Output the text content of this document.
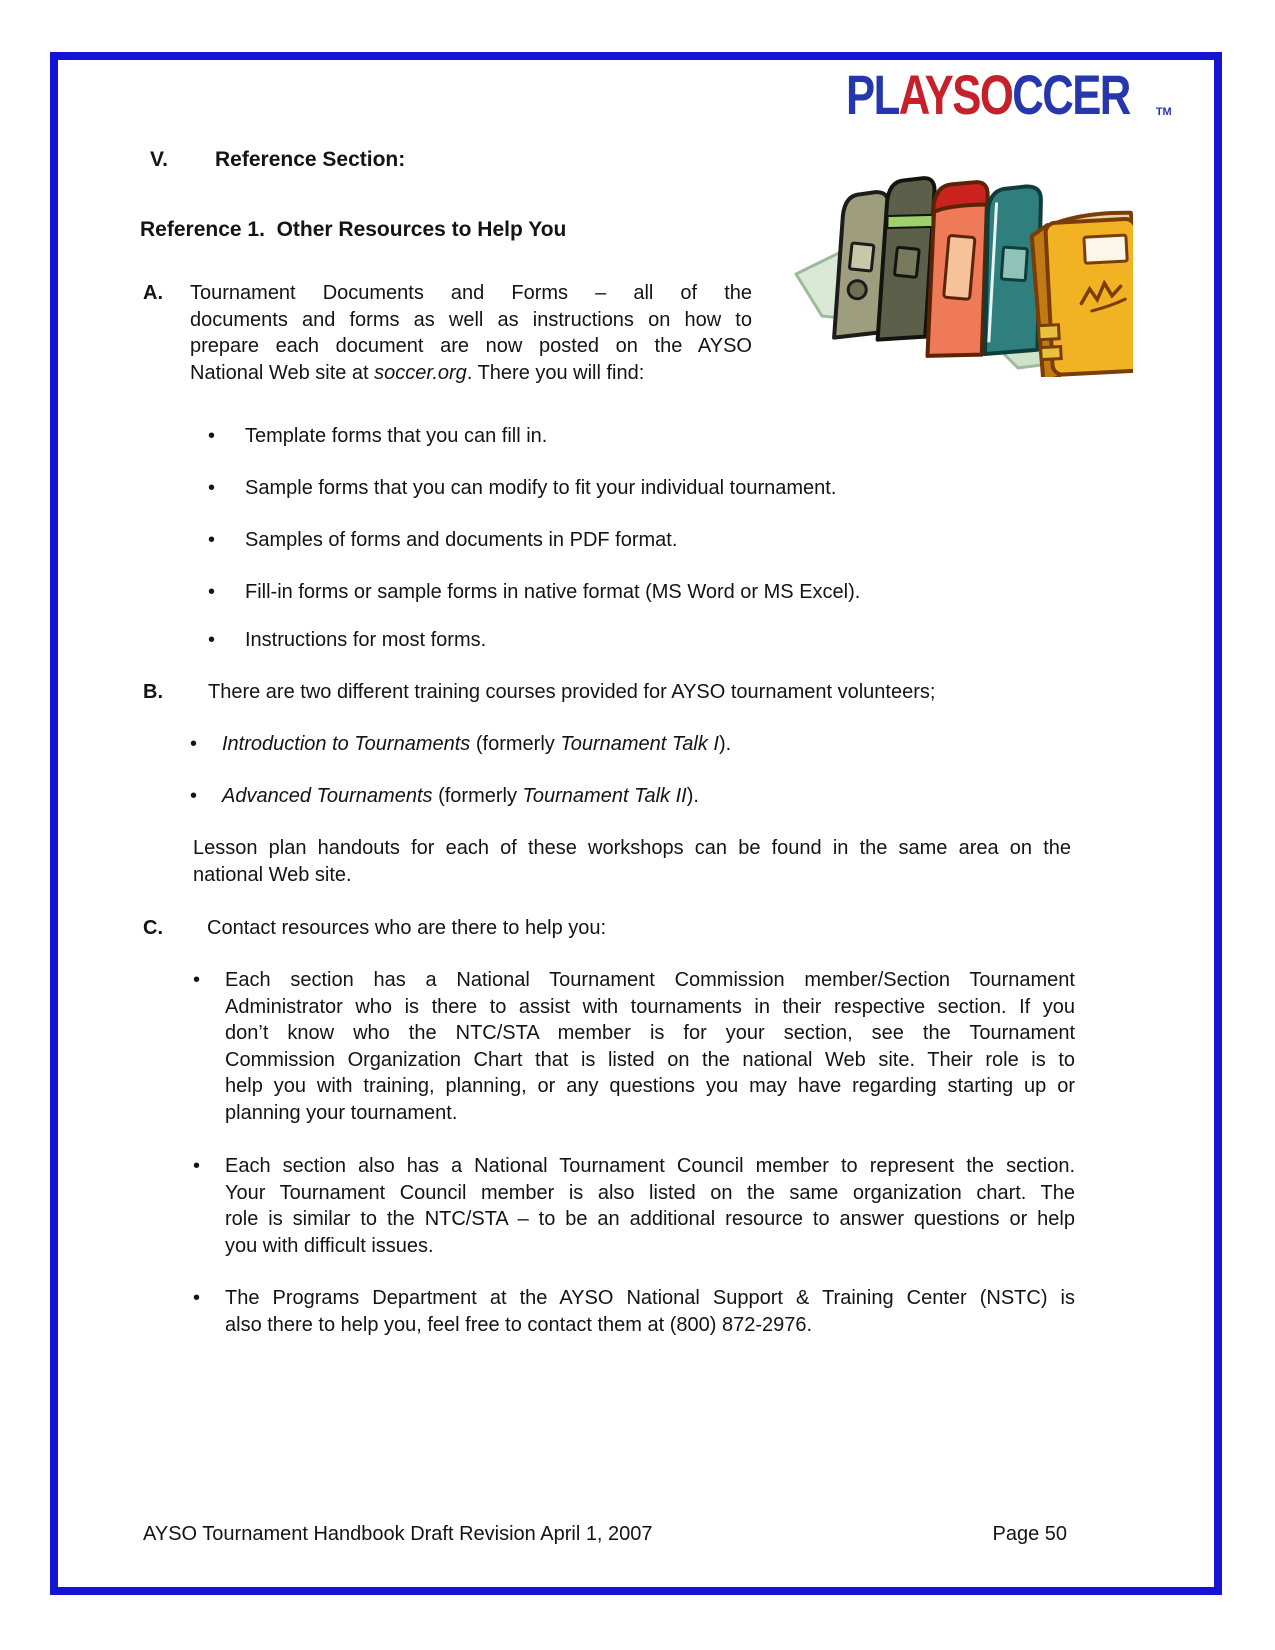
PLAYSOCCER TM
V. Reference Section:
Reference 1.  Other Resources to Help You
A. Tournament Documents and Forms – all of the
documents and forms as well as instructions on how to
prepare each document are now posted on the AYSO
National Web site at soccer.org. There you will find:
• Template forms that you can fill in.
• Sample forms that you can modify to fit your individual tournament.
• Samples of forms and documents in PDF format.
• Fill-in forms or sample forms in native format (MS Word or MS Excel).
• Instructions for most forms.
B. There are two different training courses provided for AYSO tournament volunteers;
• Introduction to Tournaments (formerly Tournament Talk I).
• Advanced Tournaments (formerly Tournament Talk II).
Lesson plan handouts for each of these workshops can be found in the same area on the
national Web site.
C. Contact resources who are there to help you:
• Each section has a National Tournament Commission member/Section Tournament
Administrator who is there to assist with tournaments in their respective section. If you
don’t know who the NTC/STA member is for your section, see the Tournament
Commission Organization Chart that is listed on the national Web site. Their role is to
help you with training, planning, or any questions you may have regarding starting up or
planning your tournament.
• Each section also has a National Tournament Council member to represent the section.
Your Tournament Council member is also listed on the same organization chart. The
role is similar to the NTC/STA – to be an additional resource to answer questions or help
you with difficult issues.
• The Programs Department at the AYSO National Support & Training Center (NSTC) is
also there to help you, feel free to contact them at (800) 872-2976.
AYSO Tournament Handbook Draft Revision April 1, 2007	Page 50
